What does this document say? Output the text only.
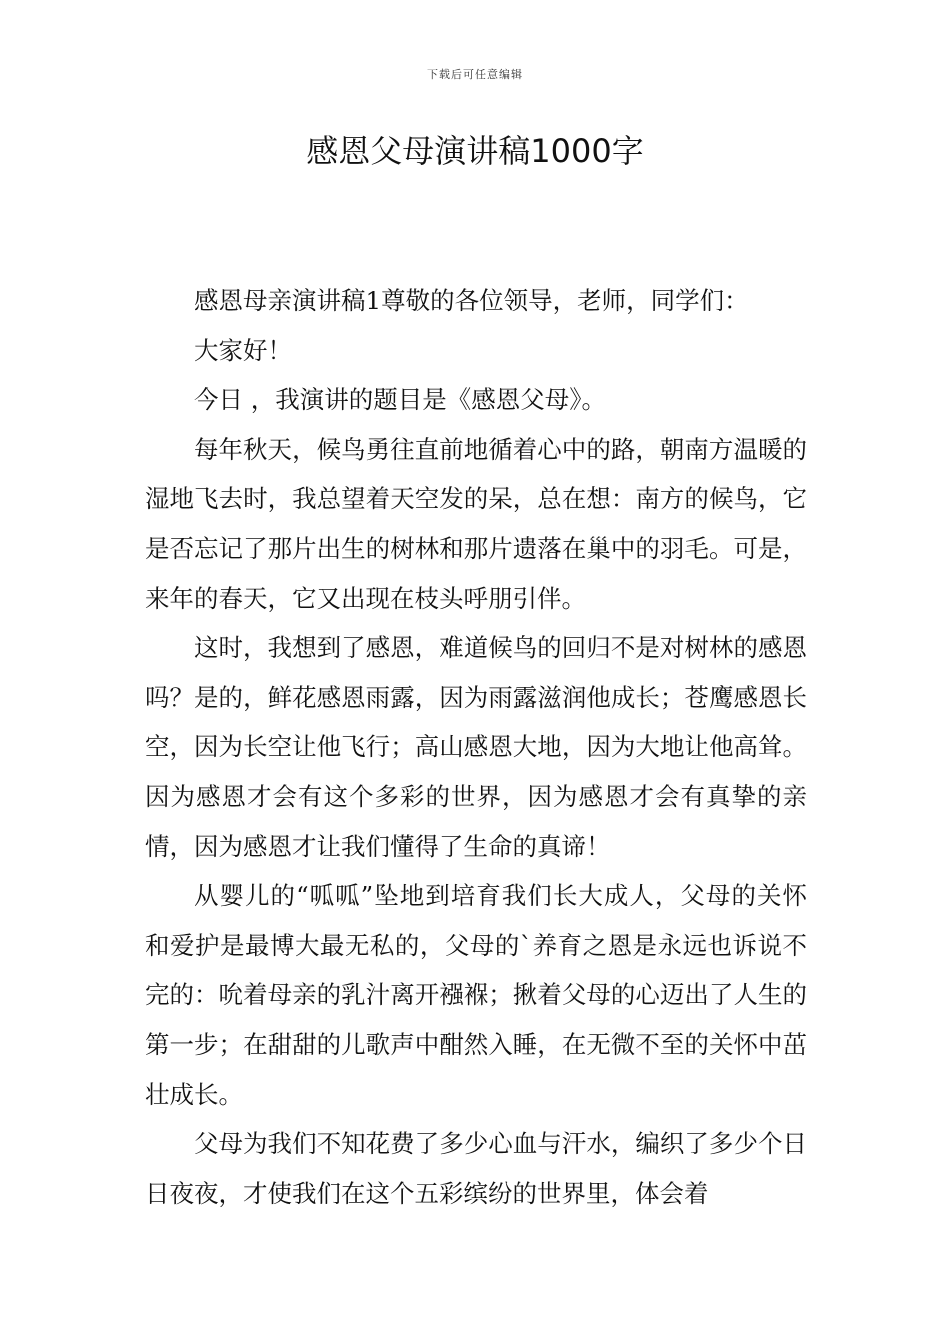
下载后可任意编辑
感恩父母演讲稿1000字

感恩母亲演讲稿1尊敬的各位领导，老师，同学们：

大家好！

今日 ，我演讲的题目是《感恩父母》。

每年秋天，候鸟勇往直前地循着心中的路，朝南方温暖的湿地飞去时，我总望着天空发的呆，总在想：南方的候鸟，它是否忘记了那片出生的树林和那片遗落在巢中的羽毛。可是，来年的春天，它又出现在枝头呼朋引伴。

这时，我想到了感恩，难道候鸟的回归不是对树林的感恩吗？是的，鲜花感恩雨露，因为雨露滋润他成长；苍鹰感恩长空，因为长空让他飞行；高山感恩大地，因为大地让他高耸。因为感恩才会有这个多彩的世界，因为感恩才会有真挚的亲情，因为感恩才让我们懂得了生命的真谛！

从婴儿的“呱呱”坠地到培育我们长大成人，父母的关怀和爱护是最博大最无私的，父母的`养育之恩是永远也诉说不完的：吮着母亲的乳汁离开襁褓；揪着父母的心迈出了人生的第一步；在甜甜的儿歌声中酣然入睡，在无微不至的关怀中茁壮成长。

父母为我们不知花费了多少心血与汗水，编织了多少个日日夜夜，才使我们在这个五彩缤纷的世界里，体会着
